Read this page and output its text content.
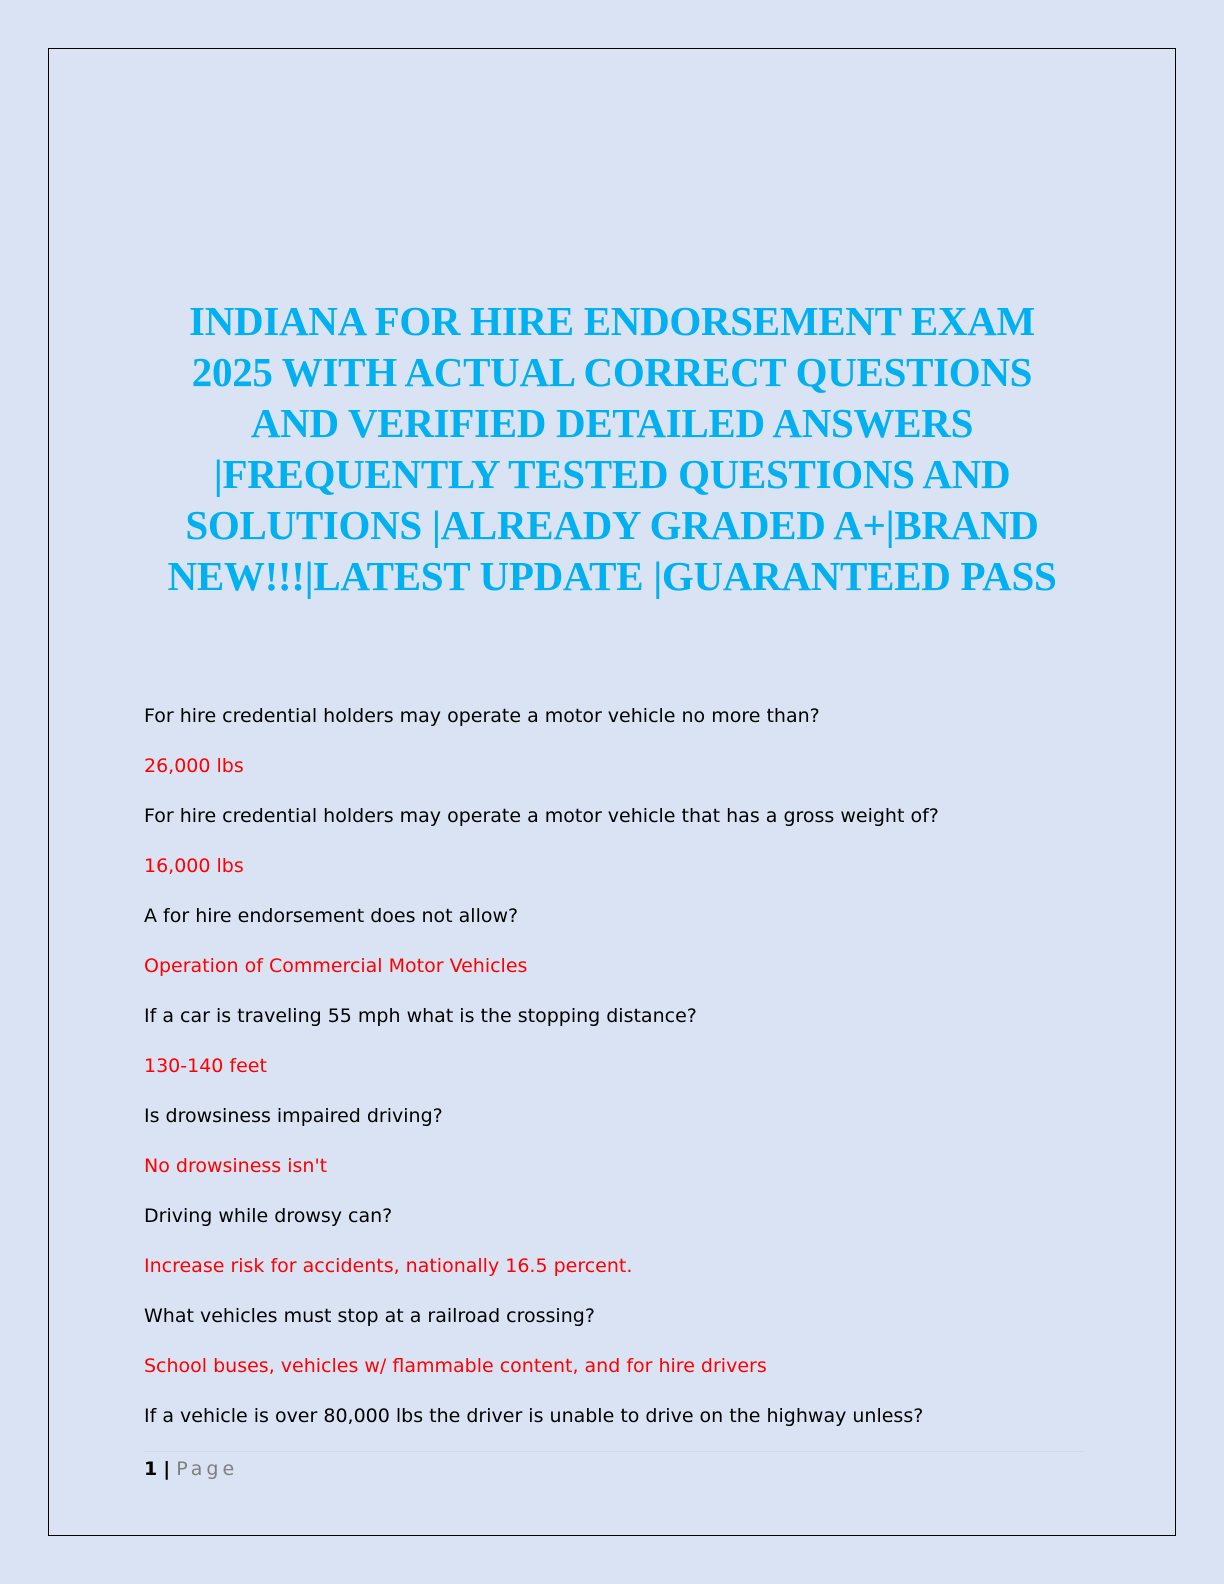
INDIANA FOR HIRE ENDORSEMENT EXAM
2025 WITH ACTUAL CORRECT QUESTIONS
AND VERIFIED DETAILED ANSWERS
|FREQUENTLY TESTED QUESTIONS AND
SOLUTIONS |ALREADY GRADED A+|BRAND
NEW!!!|LATEST UPDATE |GUARANTEED PASS
For hire credential holders may operate a motor vehicle no more than?
26,000 lbs
For hire credential holders may operate a motor vehicle that has a gross weight of?
16,000 lbs
A for hire endorsement does not allow?
Operation of Commercial Motor Vehicles
If a car is traveling 55 mph what is the stopping distance?
130-140 feet
Is drowsiness impaired driving?
No drowsiness isn't
Driving while drowsy can?
Increase risk for accidents, nationally 16.5 percent.
What vehicles must stop at a railroad crossing?
School buses, vehicles w/ flammable content, and for hire drivers
If a vehicle is over 80,000 lbs the driver is unable to drive on the highway unless?
1 | Page
